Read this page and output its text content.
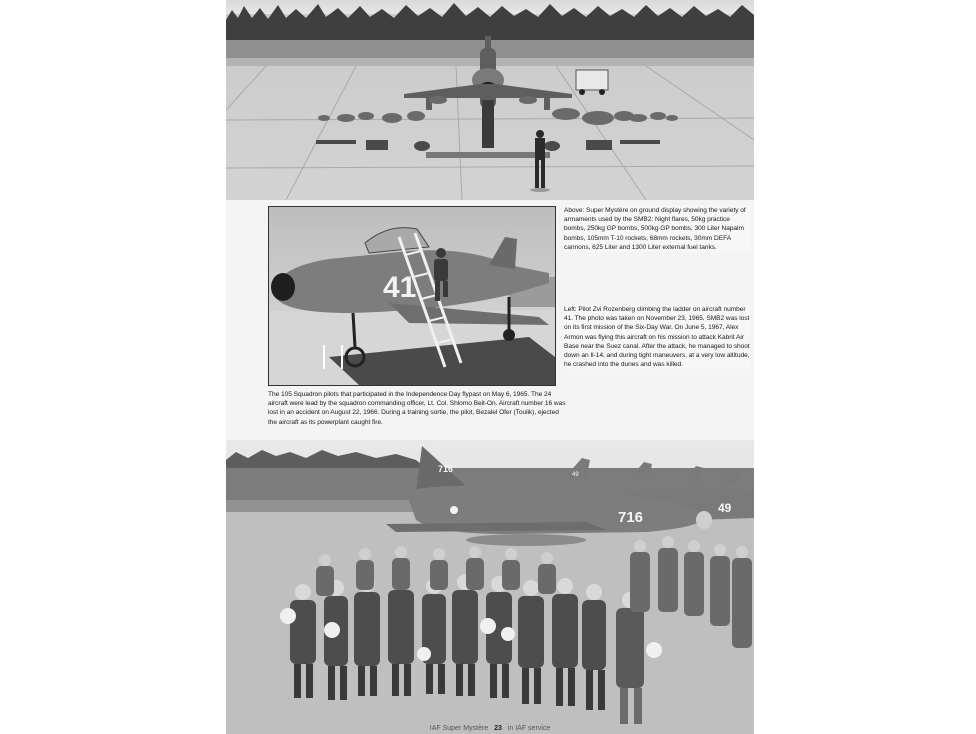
41
Above: Super Mystère on ground display showing the variety of armaments used by the SMB2: Night flares, 50kg practice bombs, 250kg GP bombs, 500kg GP bombs, 300 Liter Napalm bombs, 105mm T-10 rockets, 68mm rockets, 30mm DEFA cannons, 625 Liter and 1300 Liter external fuel tanks.
Left: Pilot Zvi Rozenberg climbing the ladder on aircraft number 41. The photo was taken on November 23, 1965. SMB2 was lost on its first mission of the Six-Day War. On June 5, 1967, Alex Armon was flying this aircraft on his mission to attack Kabrit Air Base near the Suez canal. After the attack, he managed to shoot down an Il-14, and during tight maneuvers, at a very low altitude, he crashed into the dunes and was killed.
The 105 Squadron pilots that participated in the Independence Day flypast on May 6, 1965. The 24 aircraft were lead by the squadron commanding officer, Lt. Col. Shlomo Beit-On. Aircraft number 16 was lost in an accident on August 22, 1966. During a training sortie, the pilot, Bezalel Ofer (Toulik), ejected the aircraft as its powerplant caught fire.
49
49
716
716
IAF Super Mystère 23 in IAF service
